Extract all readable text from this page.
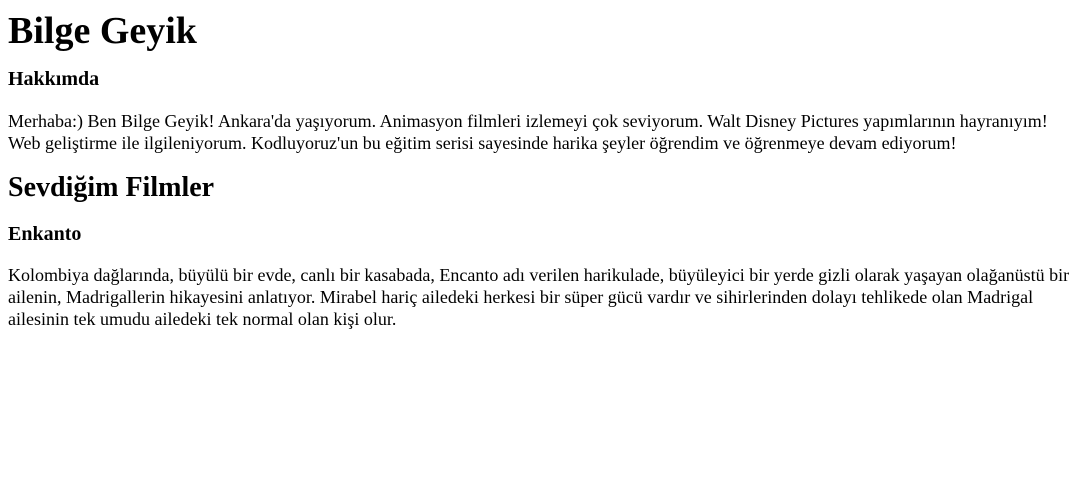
Bilge Geyik
Hakkımda

Merhaba:) Ben Bilge Geyik! Ankara'da yaşıyorum. Animasyon filmleri izlemeyi çok seviyorum. Walt Disney Pictures yapımlarının hayranıyım! Web geliştirme ile ilgileniyorum. Kodluyoruz'un bu eğitim serisi sayesinde harika şeyler öğrendim ve öğrenmeye devam ediyorum!

Sevdiğim Filmler
Enkanto

Kolombiya dağlarında, büyülü bir evde, canlı bir kasabada, Encanto adı verilen harikulade, büyüleyici bir yerde gizli olarak yaşayan olağanüstü bir ailenin, Madrigallerin hikayesini anlatıyor. Mirabel hariç ailedeki herkesi bir süper gücü vardır ve sihirlerinden dolayı tehlikede olan Madrigal ailesinin tek umudu ailedeki tek normal olan kişi olur.
